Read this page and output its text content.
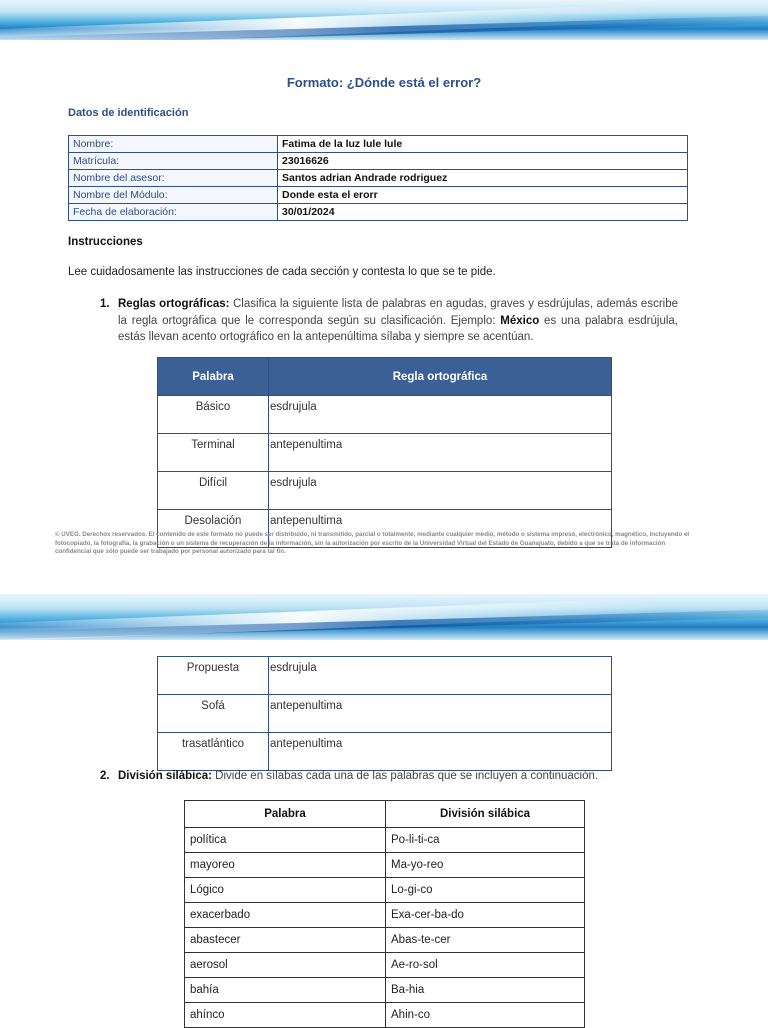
Formato: ¿Dónde está el error?
Datos de identificación
Nombre:	Fatima de la luz lule lule
Matrícula:	23016626
Nombre del asesor:	Santos adrian Andrade rodriguez
Nombre del Módulo:	Donde esta el erorr
Fecha de elaboración:	30/01/2024
Instrucciones
Lee cuidadosamente las instrucciones de cada sección y contesta lo que se te pide.
1. Reglas ortográficas: Clasifica la siguiente lista de palabras en agudas, graves y esdrújulas, además escribe la regla ortográfica que le corresponda según su clasificación. Ejemplo: México es una palabra esdrújula, estás llevan acento ortográfico en la antepenúltima sílaba y siempre se acentúan.
Palabra	Regla ortográfica
Básico	esdrujula
Terminal	antepenultima
Difícil	esdrujula
Desolación	antepenultima
© UVEG. Derechos reservados. El contenido de este formato no puede ser distribuido, ni transmitido, parcial o totalmente, mediante cualquier medio, método o sistema impreso, electrónico, magnético, incluyendo el fotocopiado, la fotografía, la grabación o un sistema de recuperación de la información, sin la autorización por escrito de la Universidad Virtual del Estado de Guanajuato, debido a que se trata de información confidencial que sólo puede ser trabajado por personal autorizado para tal fin.
Propuesta	esdrujula
Sofá	antepenultima
trasatlántico	antepenultima
2. División silábica: Divide en sílabas cada una de las palabras que se incluyen a continuación.
Palabra	División silábica
política	Po-li-ti-ca
mayoreo	Ma-yo-reo
Lógico	Lo-gi-co
exacerbado	Exa-cer-ba-do
abastecer	Abas-te-cer
aerosol	Ae-ro-sol
bahía	Ba-hia
ahínco	Ahin-co
